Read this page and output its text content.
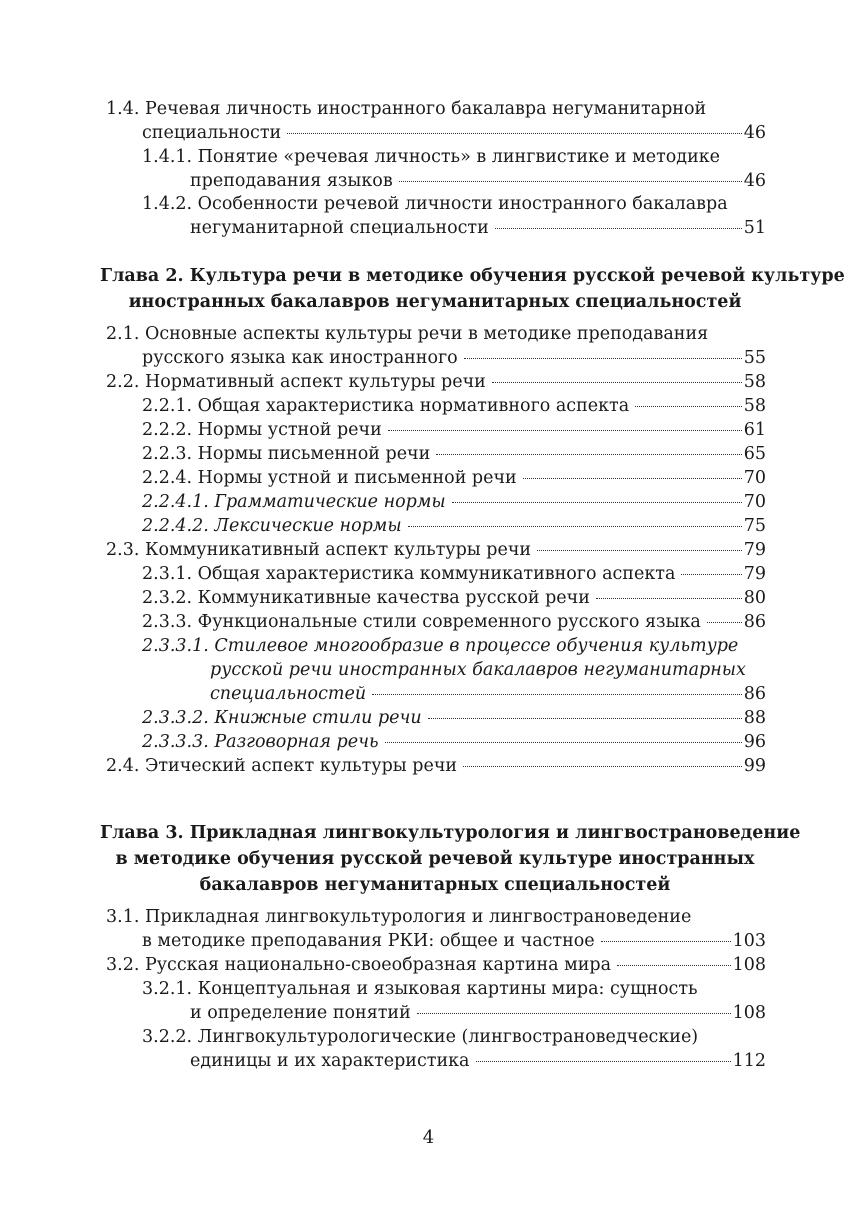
1.4. Речевая личность иностранного бакалавра негуманитарной
специальности	46
1.4.1. Понятие «речевая личность» в лингвистике и методике
преподавания языков	46
1.4.2. Особенности речевой личности иностранного бакалавра
негуманитарной специальности	51
Глава 2. Культура речи в методике обучения русской речевой культуре
иностранных бакалавров негуманитарных специальностей
2.1. Основные аспекты культуры речи в методике преподавания
русского языка как иностранного	55
2.2. Нормативный аспект культуры речи	58
2.2.1. Общая характеристика нормативного аспекта	58
2.2.2. Нормы устной речи	61
2.2.3. Нормы письменной речи	65
2.2.4. Нормы устной и письменной речи	70
2.2.4.1. Грамматические нормы	70
2.2.4.2. Лексические нормы	75
2.3. Коммуникативный аспект культуры речи	79
2.3.1. Общая характеристика коммуникативного аспекта	79
2.3.2. Коммуникативные качества русской речи	80
2.3.3. Функциональные стили современного русского языка 86
2.3.3.1. Стилевое многообразие в процессе обучения культуре
русской речи иностранных бакалавров негуманитарных
специальностей	86
2.3.3.2. Книжные стили речи	88
2.3.3.3. Разговорная речь	96
2.4. Этический аспект культуры речи	99
Глава 3. Прикладная лингвокультурология и лингвострановедение
в методике обучения русской речевой культуре иностранных
бакалавров негуманитарных специальностей
3.1. Прикладная лингвокультурология и лингвострановедение
в методике преподавания РКИ: общее и частное	103
3.2. Русская национально-своеобразная картина мира	108
3.2.1. Концептуальная и языковая картины мира: сущность
и определение понятий	108
3.2.2. Лингвокультурологические (лингвострановедческие)
единицы и их характеристика	112
4
